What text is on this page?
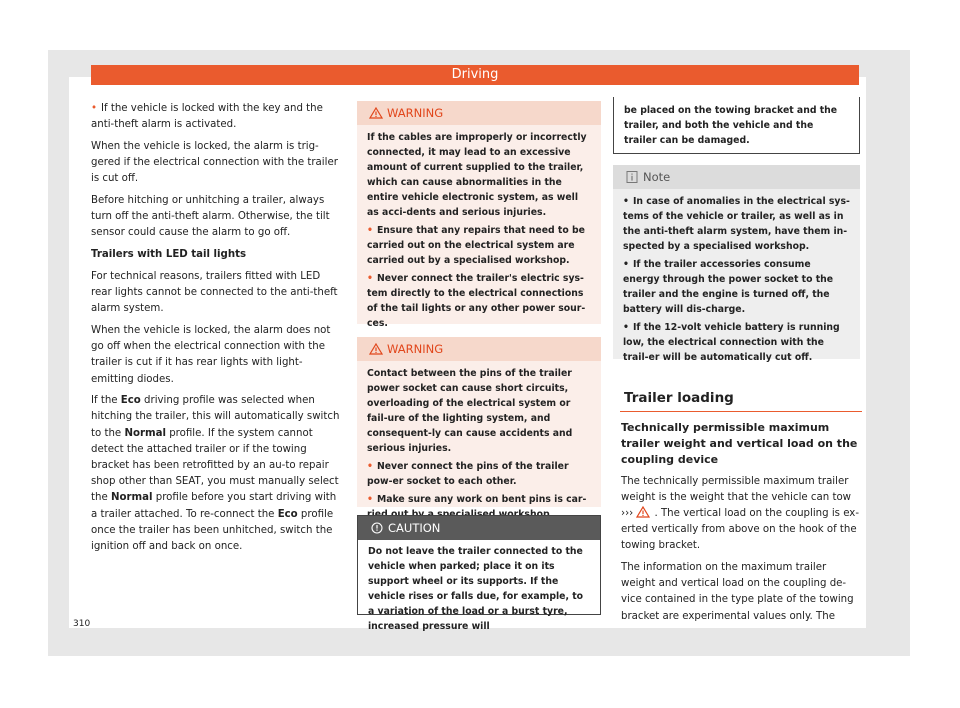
Driving

• If the vehicle is locked with the key and the anti-theft alarm is activated.

When the vehicle is locked, the alarm is trig-gered if the electrical connection with the trailer is cut off.

Before hitching or unhitching a trailer, always turn off the anti-theft alarm. Otherwise, the tilt sensor could cause the alarm to go off.

Trailers with LED tail lights

For technical reasons, trailers fitted with LED rear lights cannot be connected to the anti-theft alarm system.

When the vehicle is locked, the alarm does not go off when the electrical connection with the trailer is cut if it has rear lights with light-emitting diodes.

If the Eco driving profile was selected when hitching the trailer, this will automatically switch to the Normal profile. If the system cannot detect the attached trailer or if the towing bracket has been retrofitted by an au-to repair shop other than SEAT, you must manually select the Normal profile before you start driving with a trailer attached. To re-connect the Eco profile once the trailer has been unhitched, switch the ignition off and back on once.

WARNING

If the cables are improperly or incorrectly connected, it may lead to an excessive amount of current supplied to the trailer, which can cause abnormalities in the entire vehicle electronic system, as well as acci-dents and serious injuries.

• Ensure that any repairs that need to be carried out on the electrical system are carried out by a specialised workshop.

• Never connect the trailer's electric sys-tem directly to the electrical connections of the tail lights or any other power sour-ces.

WARNING

Contact between the pins of the trailer power socket can cause short circuits, overloading of the electrical system or fail-ure of the lighting system, and consequent-ly can cause accidents and serious injuries.

• Never connect the pins of the trailer pow-er socket to each other.

• Make sure any work on bent pins is car-

CAUTION

Do not leave the trailer connected to the vehicle when parked; place it on its support wheel or its supports. If the vehicle rises or falls due, for example, to a variation of the load or a burst tyre, increased pressure will

be placed on the towing bracket and the trailer, and both the vehicle and the trailer can be damaged.

Note

• In case of anomalies in the electrical sys-tems of the vehicle or trailer, as well as in the anti-theft alarm system, have them in-spected by a specialised workshop.

• If the trailer accessories consume energy through the power socket to the trailer and the engine is turned off, the battery will dis-charge.

• If the 12-volt vehicle battery is running low, the electrical connection with the trail-er will be automatically cut off.

Trailer loading

Technically permissible maximum trailer weight and vertical load on the coupling device

The technically permissible maximum trailer weight is the weight that the vehicle can tow ››› . The vertical load on the coupling is ex-erted vertically from above on the hook of the towing bracket.

The information on the maximum trailer weight and vertical load on the coupling de-vice contained in the type plate of the towing bracket are experimental values only. The

310
